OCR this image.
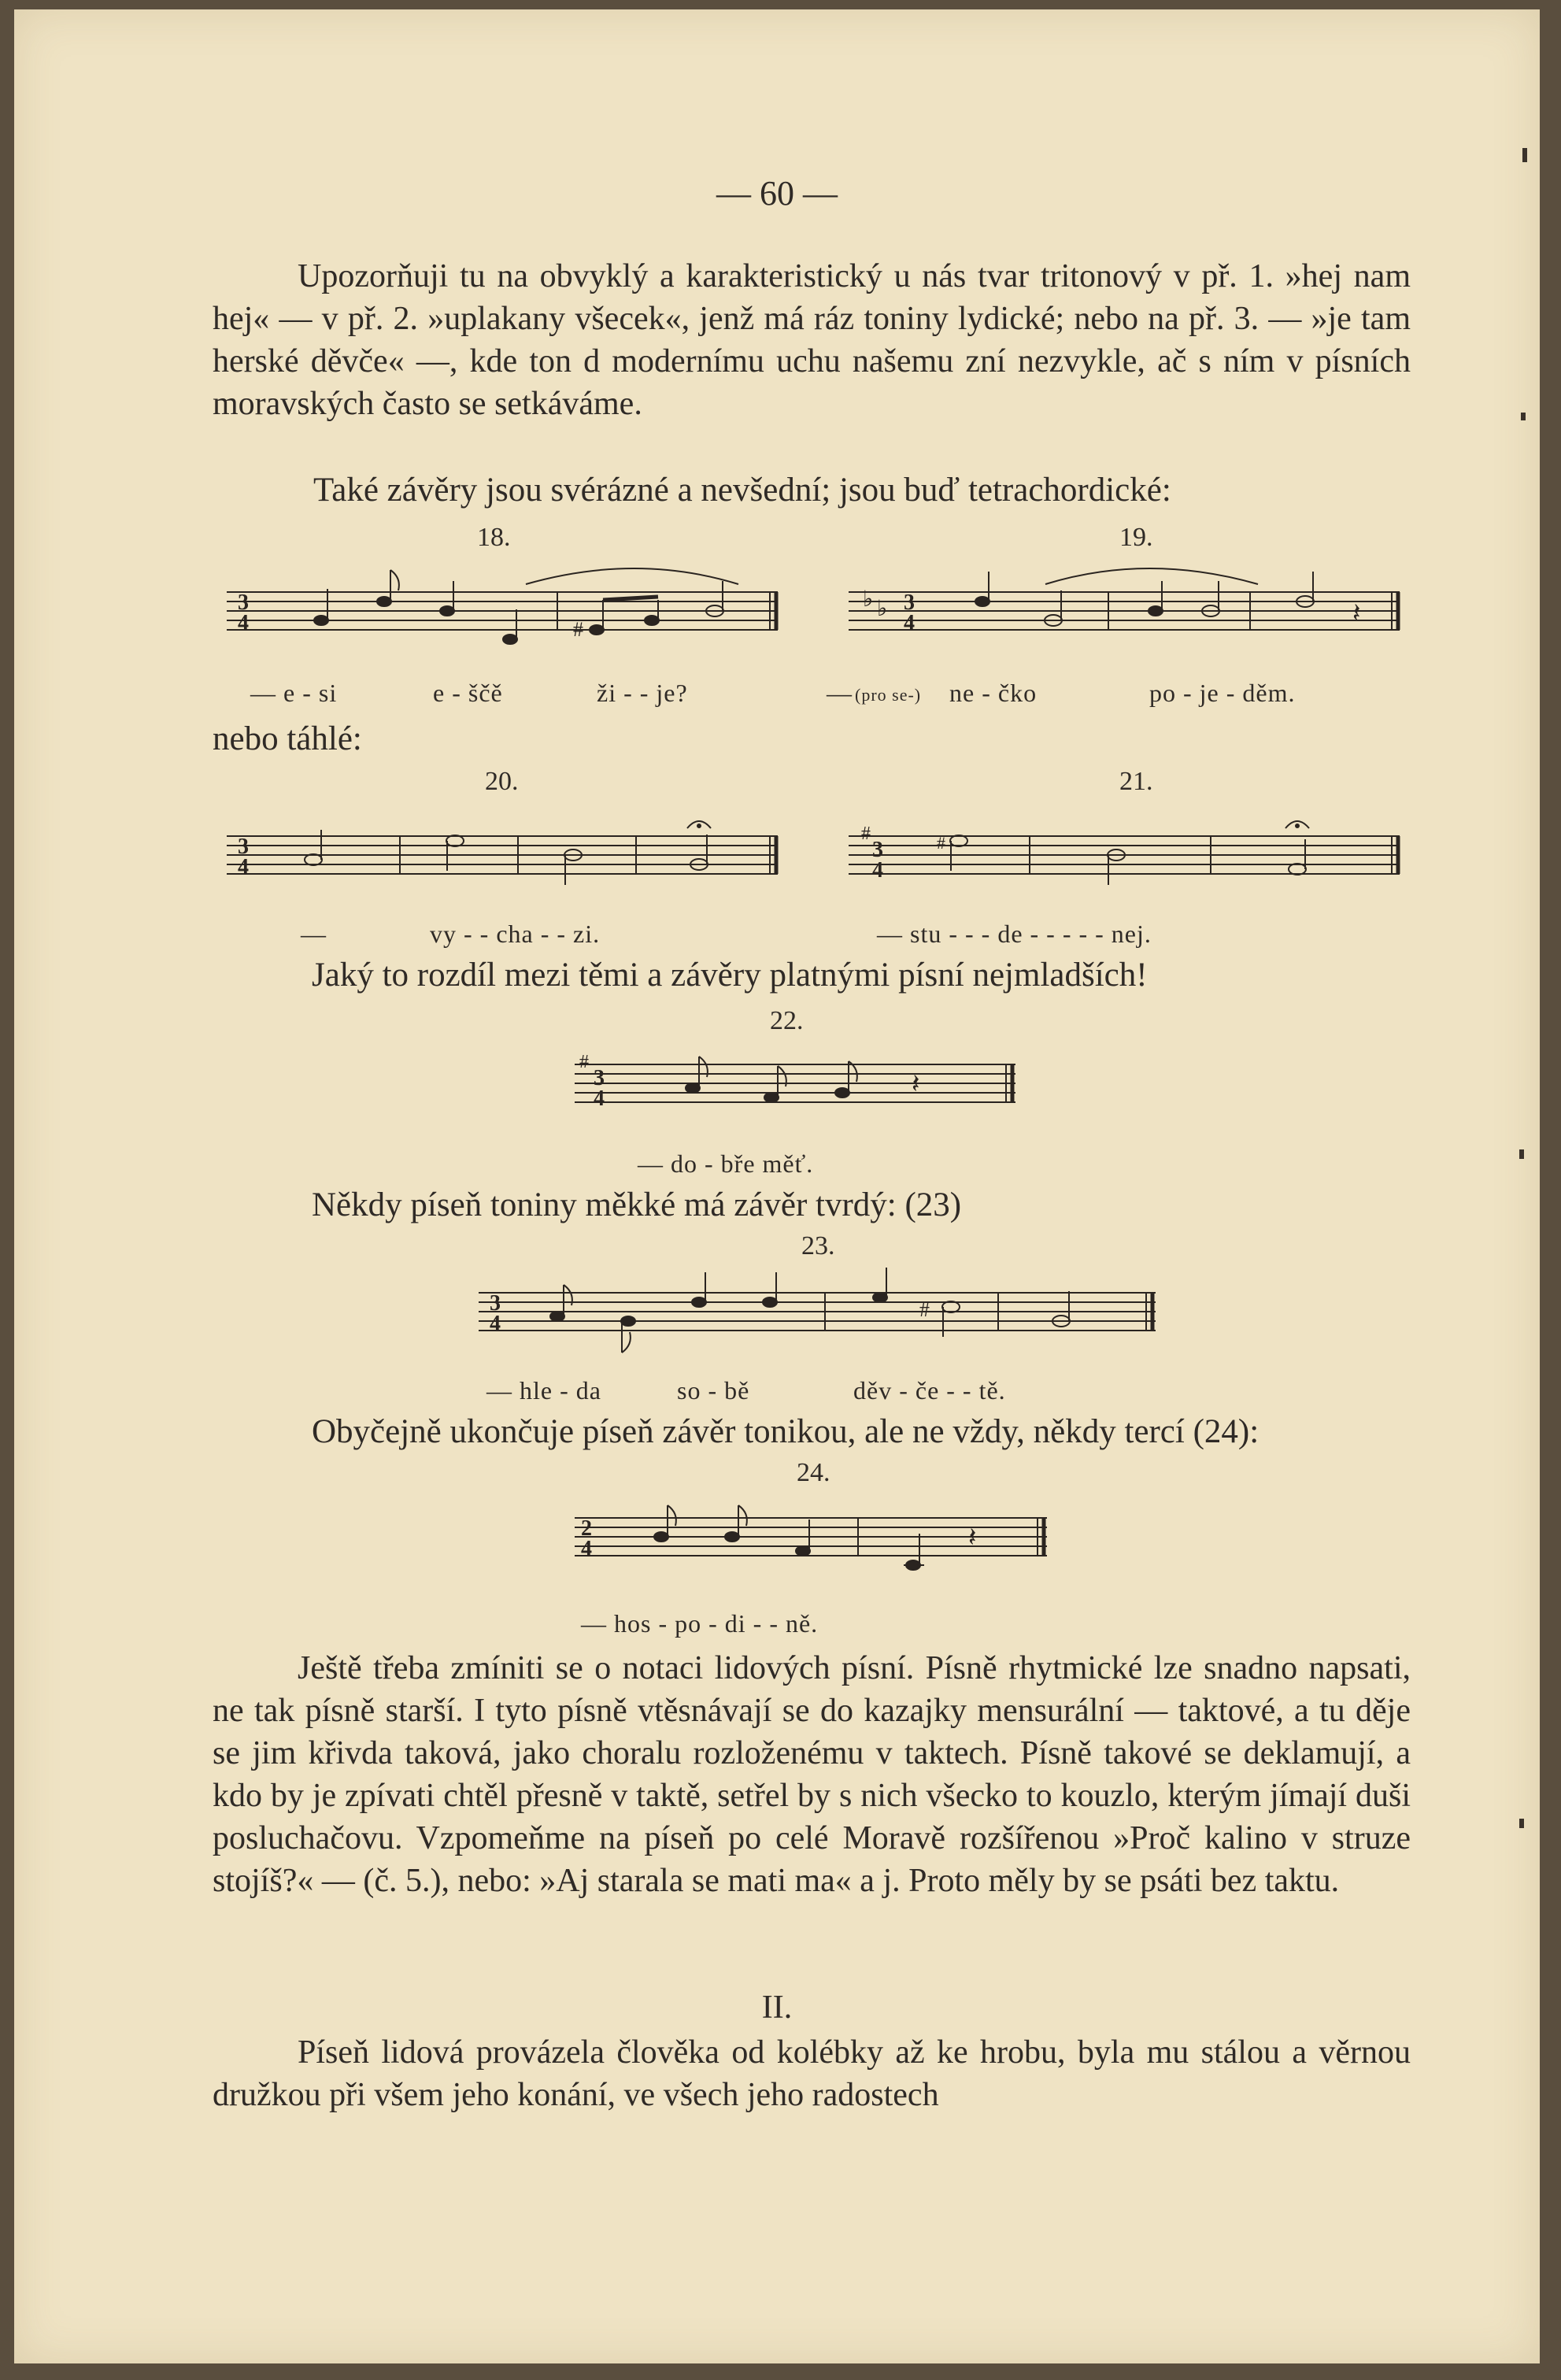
— 60 —

Upozorňuji tu na obvyklý a karakteristický u nás tvar tritonový v př. 1. »hej nam hej« — v př. 2. »uplakany všecek«, jenž má ráz toniny lydické; nebo na př. 3. — »je tam herské děvče« —, kde ton d modernímu uchu našemu zní nezvykle, ač s ním v písních moravských často se setkáváme.

Také závěry jsou svérázné a nevšední; jsou buď tetrachordické:
18.
3
4	#
— e - si	e - ščě	ži - - je?
19.
♭ ♭ 3
4	𝄽
— (pro se-) ne - čko	po - je - děm.
nebo táhlé:
20.
3
4
—	vy - - cha - - zi.
21.
#
3
4
#
— stu - - - de - - - - - nej.
Jaký to rozdíl mezi těmi a závěry platnými písní nejmladších!
22.
#
3
4	𝄽
— do - bře měť.
Někdy píseň toniny měkké má závěr tvrdý: (23)
23.
3
4
#
— hle - da	so - bě	děv - če - - tě.
Obyčejně ukončuje píseň závěr tonikou, ale ne vždy, někdy tercí (24):
24.
2
4	𝄽
— hos - po - di - - ně.

Ještě třeba zmíniti se o notaci lidových písní. Písně rhytmické lze snadno napsati, ne tak písně starší. I tyto písně vtěsnávají se do kazajky mensurální — taktové, a tu děje se jim křivda taková, jako choralu rozloženému v taktech. Písně takové se deklamují, a kdo by je zpívati chtěl přesně v taktě, setřel by s nich všecko to kouzlo, kterým jímají duši posluchačovu. Vzpomeňme na píseň po celé Moravě rozšířenou »Proč kalino v struze stojíš?« — (č. 5.), nebo: »Aj starala se mati ma« a j. Proto měly by se psáti bez taktu.

II.

Píseň lidová provázela člověka od kolébky až ke hrobu, byla mu stálou a věrnou družkou při všem jeho konání, ve všech jeho radostech
